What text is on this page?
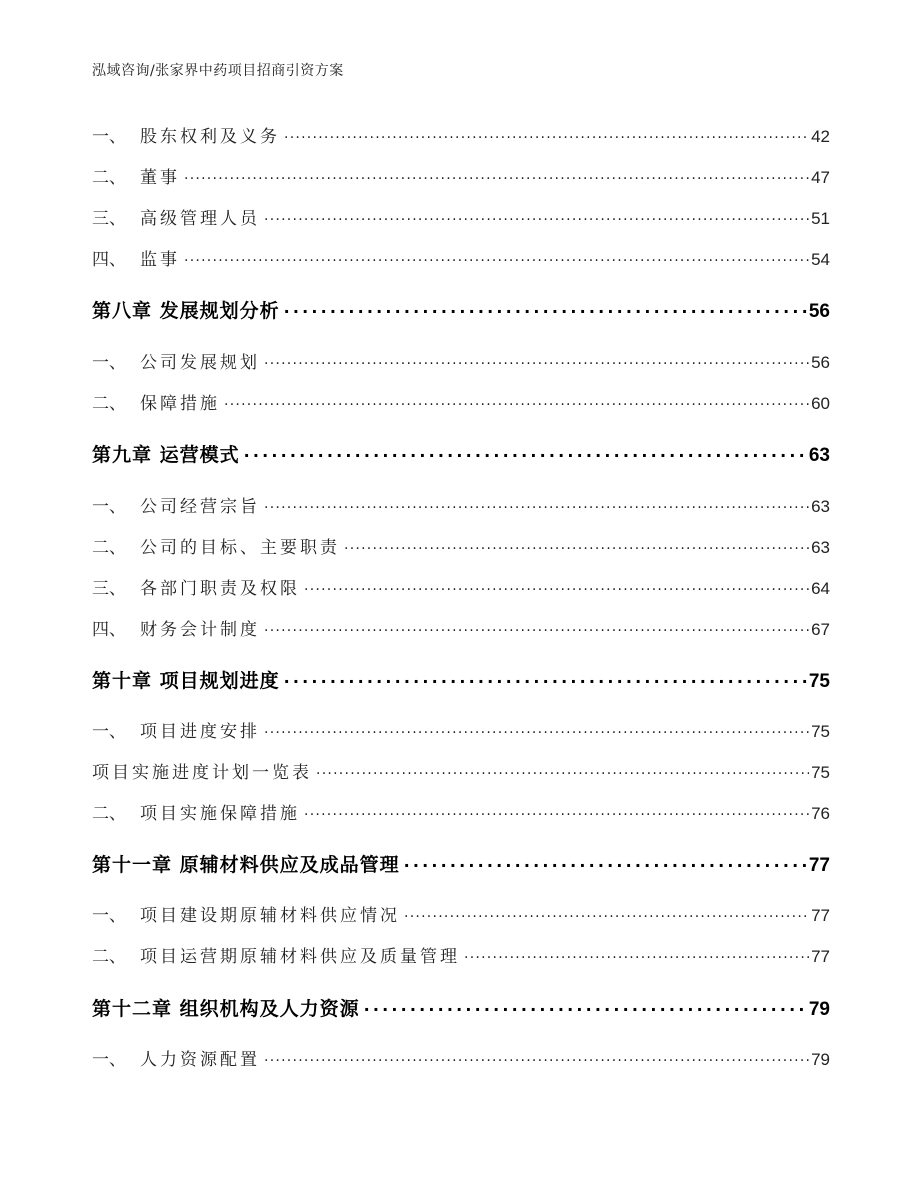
泓域咨询/张家界中药项目招商引资方案
一、 股东权利及义务 . . .	42
二、 董事 . . .	47
三、 高级管理人员 . . .	51
四、 监事 . . .	54
第八章 发展规划分析 . . .	56
一、 公司发展规划 . . .	56
二、 保障措施 . . .	60
第九章 运营模式 . . .	63
一、 公司经营宗旨 . . .	63
二、 公司的目标、主要职责 . . .	63
三、 各部门职责及权限 . . .	64
四、 财务会计制度 . . .	67
第十章 项目规划进度 . . .	75
一、 项目进度安排 . . .	75
项目实施进度计划一览表 . . .	75
二、 项目实施保障措施 . . .	76
第十一章 原辅材料供应及成品管理 . . .	77
一、 项目建设期原辅材料供应情况 . . .	77
二、 项目运营期原辅材料供应及质量管理 . . .	77
第十二章 组织机构及人力资源 . . .	79
一、 人力资源配置 . . .	79
